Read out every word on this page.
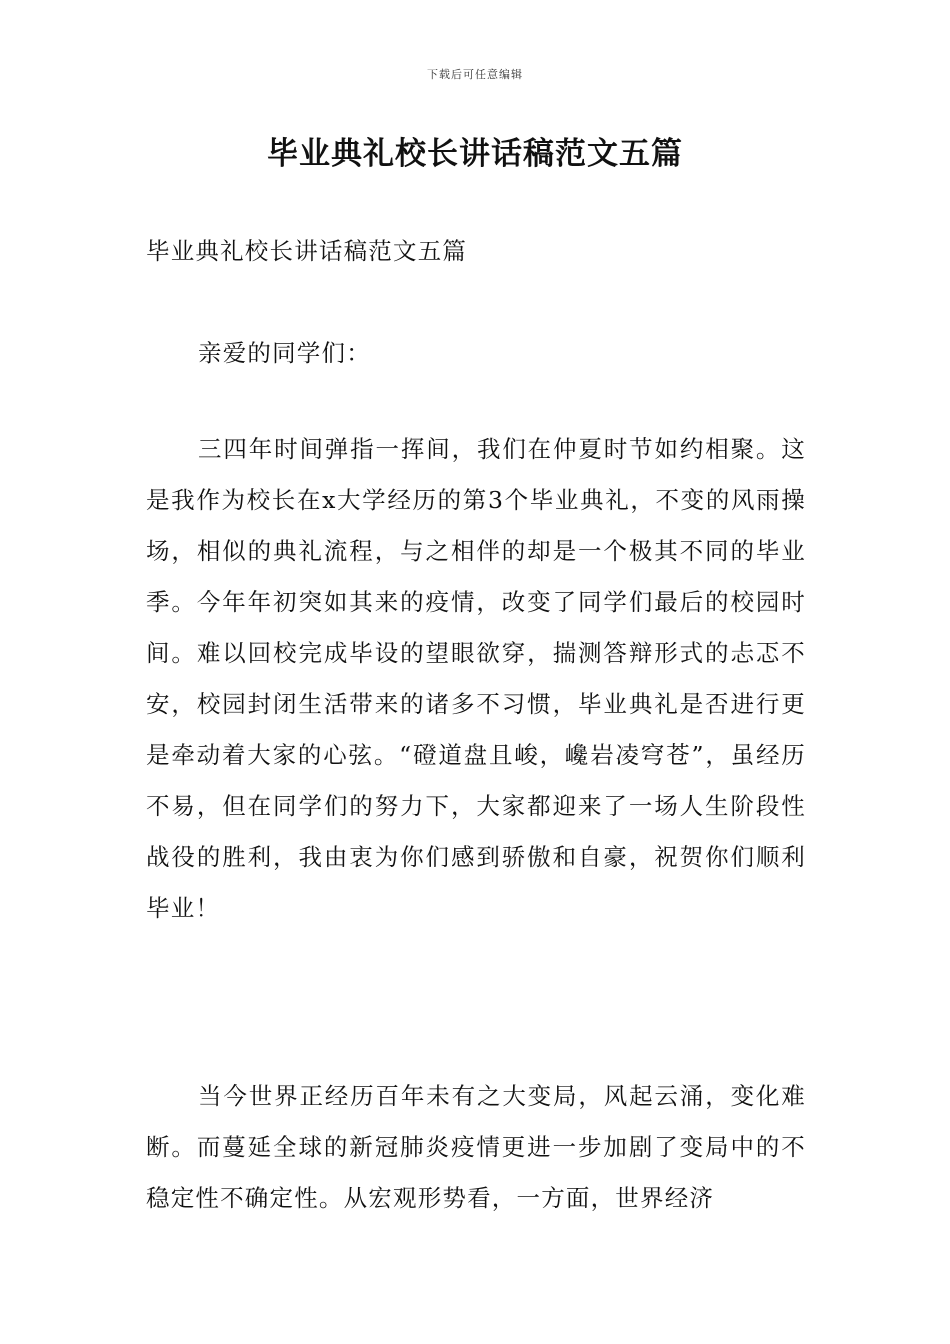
下载后可任意编辑
毕业典礼校长讲话稿范文五篇

毕业典礼校长讲话稿范文五篇

亲爱的同学们：

三四年时间弹指一挥间，我们在仲夏时节如约相聚。这是我作为校长在x大学经历的第3个毕业典礼，不变的风雨操场，相似的典礼流程，与之相伴的却是一个极其不同的毕业季。今年年初突如其来的疫情，改变了同学们最后的校园时间。难以回校完成毕设的望眼欲穿，揣测答辩形式的忐忑不安，校园封闭生活带来的诸多不习惯，毕业典礼是否进行更是牵动着大家的心弦。“磴道盘且峻，巉岩凌穹苍”，虽经历不易，但在同学们的努力下，大家都迎来了一场人生阶段性战役的胜利，我由衷为你们感到骄傲和自豪，祝贺你们顺利毕业！

当今世界正经历百年未有之大变局，风起云涌，变化难断。而蔓延全球的新冠肺炎疫情更进一步加剧了变局中的不稳定性不确定性。从宏观形势看，一方面，世界经济
